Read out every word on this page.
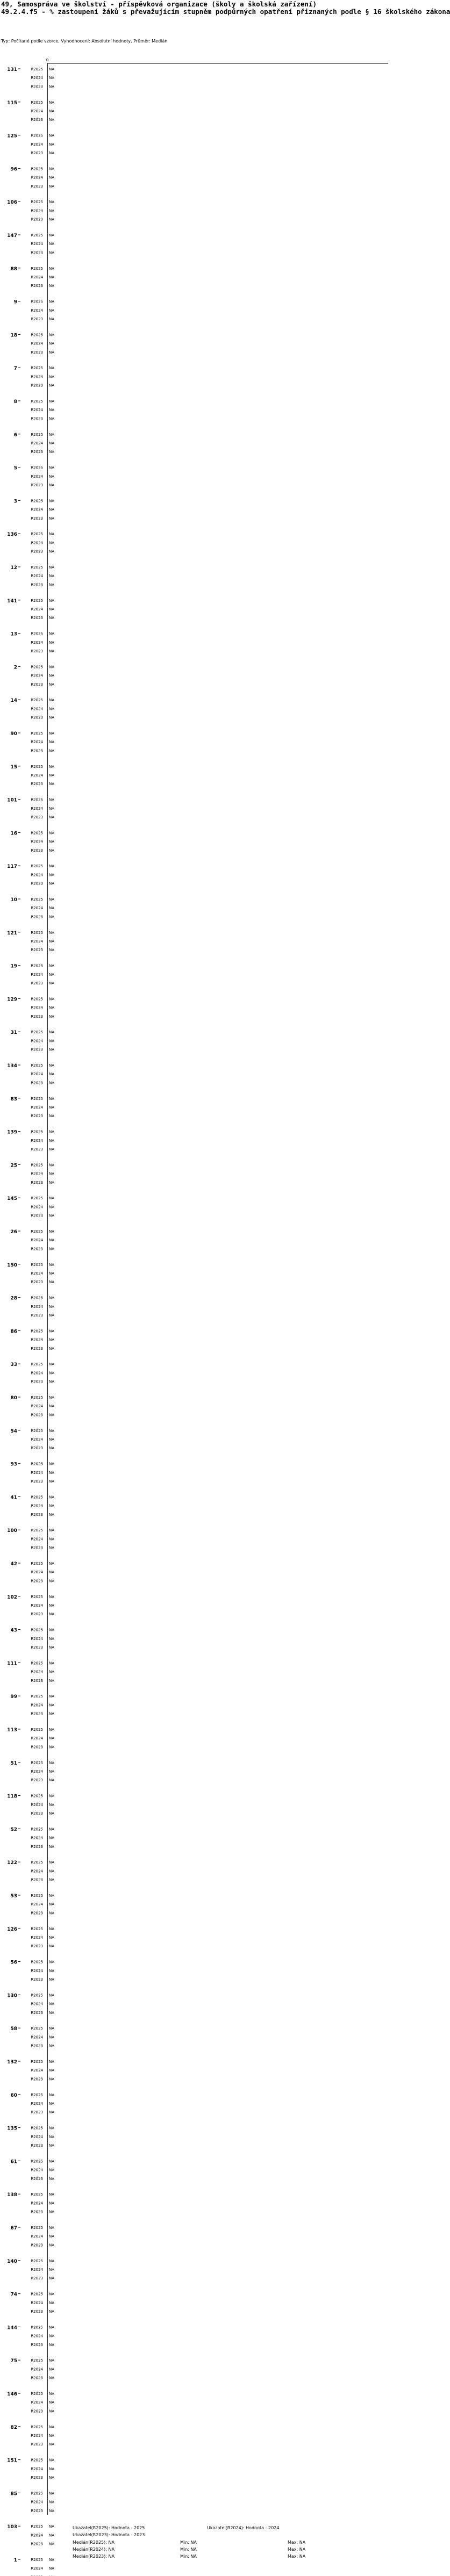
49, Samospráva ve školství - příspěvková organizace (školy a školská zařízení)
49.2.4.f5 - % zastoupení žáků s převažujícím stupněm podpůrných opatření přiznaných podle § 16 školského zákona
Typ: Počítané podle vzorce, Vyhodnocení: Absolutní hodnoty, Průměr: Medián
0
131	R2025 NA
R2024 NA
R2023 NA
115	R2025 NA
R2024 NA
R2023 NA
125	R2025 NA
R2024 NA
R2023 NA
96	R2025 NA
R2024 NA
R2023 NA
106	R2025 NA
R2024 NA
R2023 NA
147	R2025 NA
R2024 NA
R2023 NA
88	R2025 NA
R2024 NA
R2023 NA
9	R2025 NA
R2024 NA
R2023 NA
18	R2025 NA
R2024 NA
R2023 NA
7	R2025 NA
R2024 NA
R2023 NA
8	R2025 NA
R2024 NA
R2023 NA
6	R2025 NA
R2024 NA
R2023 NA
5	R2025 NA
R2024 NA
R2023 NA
3	R2025 NA
R2024 NA
R2023 NA
136	R2025 NA
R2024 NA
R2023 NA
12	R2025 NA
R2024 NA
R2023 NA
141	R2025 NA
R2024 NA
R2023 NA
13	R2025 NA
R2024 NA
R2023 NA
2	R2025 NA
R2024 NA
R2023 NA
14	R2025 NA
R2024 NA
R2023 NA
90	R2025 NA
R2024 NA
R2023 NA
15	R2025 NA
R2024 NA
R2023 NA
101	R2025 NA
R2024 NA
R2023 NA
16	R2025 NA
R2024 NA
R2023 NA
117	R2025 NA
R2024 NA
R2023 NA
10	R2025 NA
R2024 NA
R2023 NA
121	R2025 NA
R2024 NA
R2023 NA
19	R2025 NA
R2024 NA
R2023 NA
129	R2025 NA
R2024 NA
R2023 NA
31	R2025 NA
R2024 NA
R2023 NA
134	R2025 NA
R2024 NA
R2023 NA
83	R2025 NA
R2024 NA
R2023 NA
139	R2025 NA
R2024 NA
R2023 NA
25	R2025 NA
R2024 NA
R2023 NA
145	R2025 NA
R2024 NA
R2023 NA
26	R2025 NA
R2024 NA
R2023 NA
150	R2025 NA
R2024 NA
R2023 NA
28	R2025 NA
R2024 NA
R2023 NA
86	R2025 NA
R2024 NA
R2023 NA
33	R2025 NA
R2024 NA
R2023 NA
80	R2025 NA
R2024 NA
R2023 NA
54	R2025 NA
R2024 NA
R2023 NA
93	R2025 NA
R2024 NA
R2023 NA
41	R2025 NA
R2024 NA
R2023 NA
100	R2025 NA
R2024 NA
R2023 NA
42	R2025 NA
R2024 NA
R2023 NA
102	R2025 NA
R2024 NA
R2023 NA
43	R2025 NA
R2024 NA
R2023 NA
111	R2025 NA
R2024 NA
R2023 NA
99	R2025 NA
R2024 NA
R2023 NA
113	R2025 NA
R2024 NA
R2023 NA
51	R2025 NA
R2024 NA
R2023 NA
118	R2025 NA
R2024 NA
R2023 NA
52	R2025 NA
R2024 NA
R2023 NA
122	R2025 NA
R2024 NA
R2023 NA
53	R2025 NA
R2024 NA
R2023 NA
126	R2025 NA
R2024 NA
R2023 NA
56	R2025 NA
R2024 NA
R2023 NA
130	R2025 NA
R2024 NA
R2023 NA
58	R2025 NA
R2024 NA
R2023 NA
132	R2025 NA
R2024 NA
R2023 NA
60	R2025 NA
R2024 NA
R2023 NA
135	R2025 NA
R2024 NA
R2023 NA
61	R2025 NA
R2024 NA
R2023 NA
138	R2025 NA
R2024 NA
R2023 NA
67	R2025 NA
R2024 NA
R2023 NA
140	R2025 NA
R2024 NA
R2023 NA
74	R2025 NA
R2024 NA
R2023 NA
144	R2025 NA
R2024 NA
R2023 NA
75	R2025 NA
R2024 NA
R2023 NA
146	R2025 NA
R2024 NA
R2023 NA
82	R2025 NA
R2024 NA
R2023 NA
151	R2025 NA
R2024 NA
R2023 NA
85	R2025 NA
R2024 NA
R2023 NA
103	R2025 NA
R2024 NA
R2023 NA
1	R2025 NA
R2024 NA
Ukazatel(R2025): Hodnota - 2025	Ukazatel(R2024): Hodnota - 2024
Ukazatel(R2023): Hodnota - 2023
Medián(R2025): NA	Min: NA	Max: NA
Medián(R2024): NA	Min: NA	Max: NA
Medián(R2023): NA	Min: NA	Max: NA
